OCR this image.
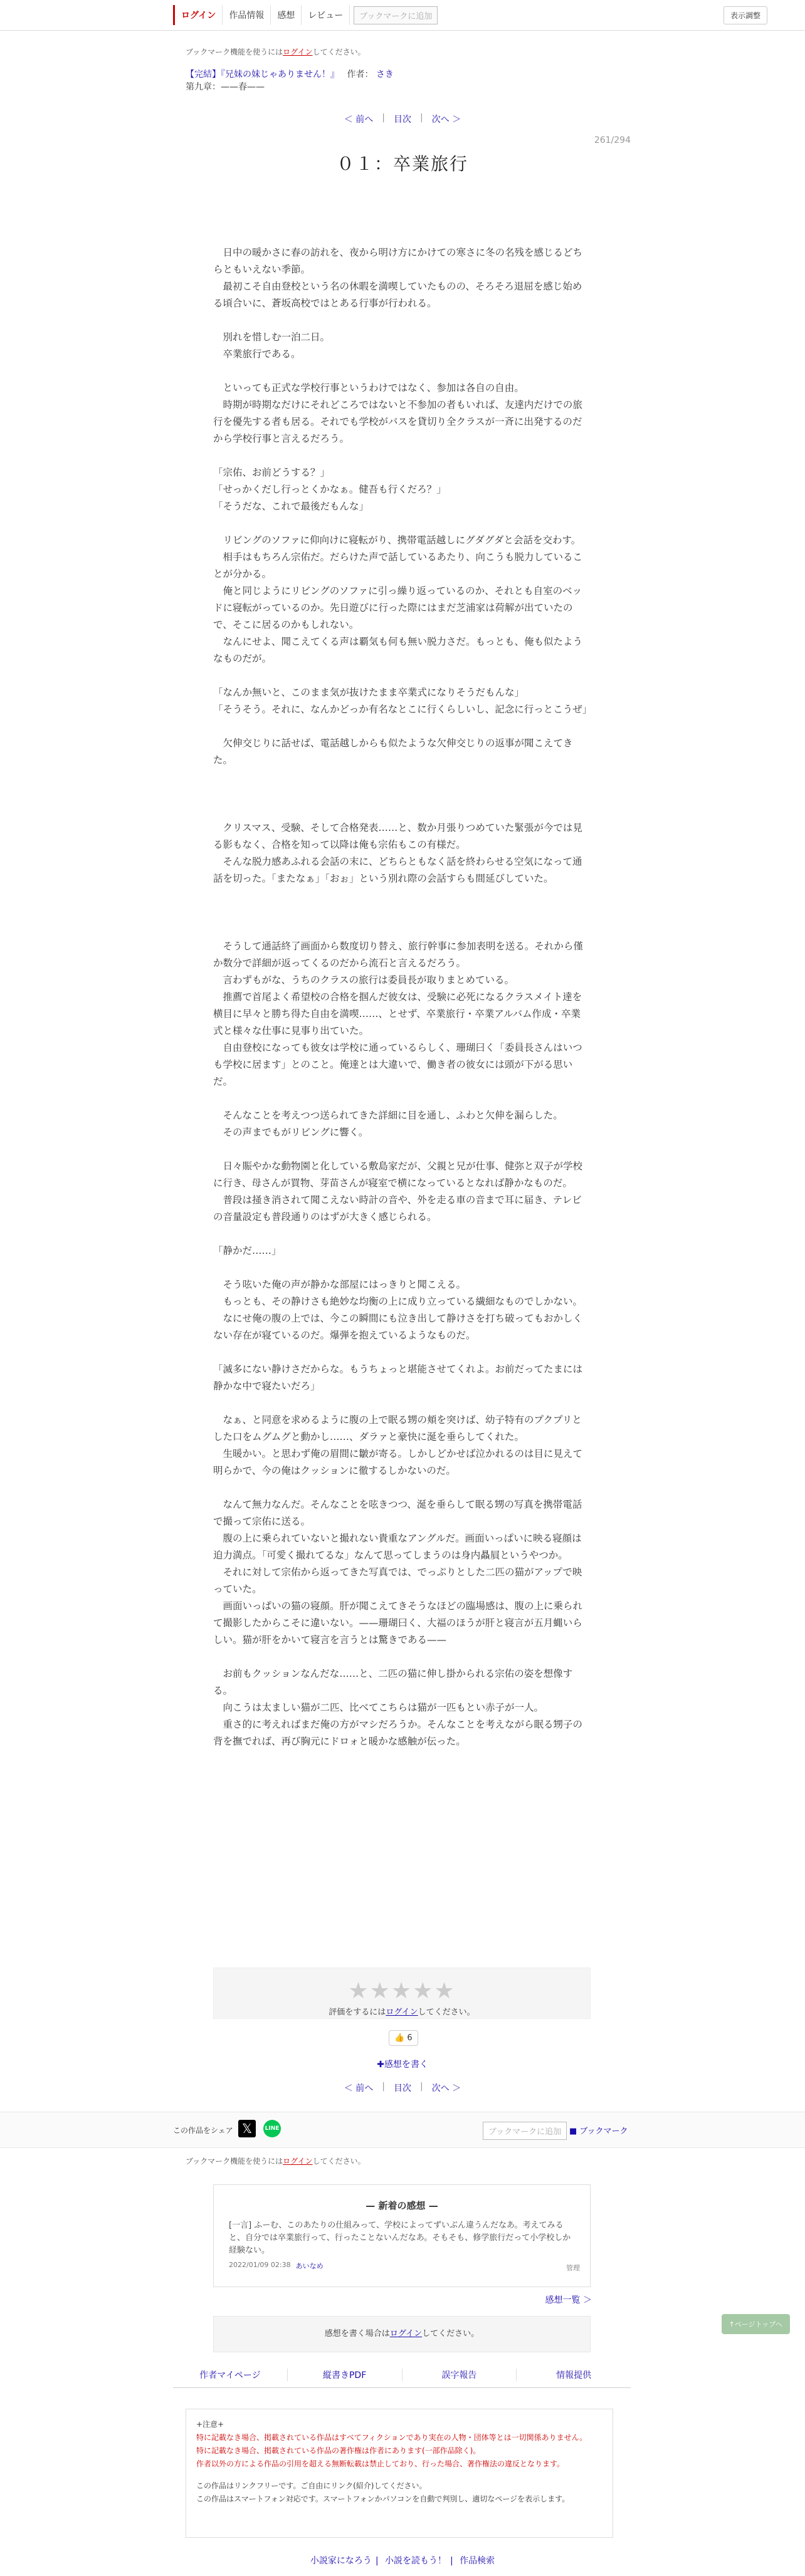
ログイン	作品情報	感想	レビュー	ブックマークに追加	表示調整
ブックマーク機能を使うにはログインしてください。
【完結】『兄妹の妹じゃありません！』 作者： さき
第九章：——春——
＜ 前へ | 目次 | 次へ ＞
261/294
０１：卒業旅行

　日中の暖かさに春の訪れを、夜から明け方にかけての寒さに冬の名残を感じるどちらともいえない季節。

　最初こそ自由登校という名の休暇を満喫していたものの、そろそろ退屈を感じ始める頃合いに、蒼坂高校ではとある行事が行われる。

　別れを惜しむ一泊二日。

　卒業旅行である。

　といっても正式な学校行事というわけではなく、参加は各自の自由。

　時期が時期なだけにそれどころではないと不参加の者もいれば、友達内だけでの旅行を優先する者も居る。それでも学校がバスを貸切り全クラスが一斉に出発するのだから学校行事と言えるだろう。

「宗佑、お前どうする？」

「せっかくだし行っとくかなぁ。健吾も行くだろ？」

「そうだな、これで最後だもんな」

　リビングのソファに仰向けに寝転がり、携帯電話越しにグダグダと会話を交わす。

　相手はもちろん宗佑だ。だらけた声で話しているあたり、向こうも脱力していることが分かる。

　俺と同じようにリビングのソファに引っ繰り返っているのか、それとも自室のベッドに寝転がっているのか。先日遊びに行った際にはまだ芝浦家は荷解が出ていたので、そこに居るのかもしれない。

　なんにせよ、聞こえてくる声は覇気も何も無い脱力さだ。もっとも、俺も似たようなものだが。

「なんか無いと、このまま気が抜けたまま卒業式になりそうだもんな」

「そうそう。それに、なんかどっか有名なとこに行くらしいし、記念に行っとこうぜ」

　欠伸交じりに話せば、電話越しからも似たような欠伸交じりの返事が聞こえてきた。

　クリスマス、受験、そして合格発表……と、数か月張りつめていた緊張が今では見る影もなく、合格を知って以降は俺も宗佑もこの有様だ。

　そんな脱力感あふれる会話の末に、どちらともなく話を終わらせる空気になって通話を切った。「またなぁ」「おぉ」という別れ際の会話すらも間延びしていた。

　そうして通話終了画面から数度切り替え、旅行幹事に参加表明を送る。それから僅か数分で詳細が返ってくるのだから流石と言えるだろう。

　言わずもがな、うちのクラスの旅行は委員長が取りまとめている。

　推薦で首尾よく希望校の合格を掴んだ彼女は、受験に必死になるクラスメイト達を横目に早々と勝ち得た自由を満喫……、とせず、卒業旅行・卒業アルバム作成・卒業式と様々な仕事に見事り出ていた。

　自由登校になっても彼女は学校に通っているらしく、珊瑚曰く「委員長さんはいつも学校に居ます」とのこと。俺達とは大違いで、働き者の彼女には頭が下がる思いだ。

　そんなことを考えつつ送られてきた詳細に目を通し、ふわと欠伸を漏らした。

　その声までもがリビングに響く。

　日々賑やかな動物園と化している敷島家だが、父親と兄が仕事、健弥と双子が学校に行き、母さんが買物、芽苗さんが寝室で横になっているとなれば静かなものだ。

　普段は掻き消されて聞こえない時計の音や、外を走る車の音まで耳に届き、テレビの音量設定も普段通りのはずが大きく感じられる。

「静かだ……」

　そう呟いた俺の声が静かな部屋にはっきりと聞こえる。

　もっとも、その静けさも絶妙な均衡の上に成り立っている繊細なものでしかない。

　なにせ俺の腹の上では、今この瞬間にも泣き出して静けさを打ち破ってもおかしくない存在が寝ているのだ。爆弾を抱えているようなものだ。

「滅多にない静けさだからな。もうちょっと堪能させてくれよ。お前だってたまには静かな中で寝たいだろ」

　なぁ、と同意を求めるように腹の上で眠る甥の頬を突けば、幼子特有のプクプリとした口をムグムグと動かし……、ダラァと豪快に涎を垂らしてくれた。

　生暖かい。と思わず俺の眉間に皺が寄る。しかしどかせば泣かれるのは目に見えて明らかで、今の俺はクッションに徹するしかないのだ。

　なんて無力なんだ。そんなことを呟きつつ、涎を垂らして眠る甥の写真を携帯電話で撮って宗佑に送る。

　腹の上に乗られていないと撮れない貴重なアングルだ。画面いっぱいに映る寝顔は迫力満点。「可愛く撮れてるな」なんて思ってしまうのは身内贔屓というやつか。

　それに対して宗佑から返ってきた写真では、でっぷりとした二匹の猫がアップで映っていた。

　画面いっぱいの猫の寝顔。肝が聞こえてきそうなほどの臨場感は、腹の上に乗られて撮影したからこそに違いない。——珊瑚曰く、大福のほうが肝と寝言が五月蝿いらしい。猫が肝をかいて寝言を言うとは驚きである——

　お前もクッションなんだな……と、二匹の猫に伸し掛かられる宗佑の姿を想像する。

　向こうは太ましい猫が二匹、比べてこちらは猫が一匹もとい赤子が一人。

　重さ的に考えればまだ俺の方がマシだろうか。そんなことを考えながら眠る甥子の背を撫でれば、再び胸元にドロォと暖かな感触が伝った。

★★★★★
評価をするにはログインしてください。
👍 6
✚感想を書く
＜ 前へ | 目次 | 次へ ＞
この作品をシェア 𝕏	LINE	ブックマークに追加 ■ ブックマーク
ブックマーク機能を使うにはログインしてください。
— 新着の感想 —
[一言] ふーむ、このあたりの仕組みって、学校によってずいぶん違うんだなあ。考えてみると、自分では卒業旅行って、行ったことないんだなあ。そもそも、修学旅行だって小学校しか経験ない。
2022/01/09 02:38 あいなめ	管理
感想一覧 ＞
感想を書く場合はログインしてください。
↑ページトップへ
作者マイページ	縦書きPDF	誤字報告	情報提供
+注意+
特に記載なき場合、掲載されている作品はすべてフィクションであり実在の人物・団体等とは一切関係ありません。
特に記載なき場合、掲載されている作品の著作権は作者にあります(一部作品除く)。
作者以外の方による作品の引用を超える無断転載は禁止しており、行った場合、著作権法の違反となります。
この作品はリンクフリーです。ご自由にリンク(紹介)してください。
この作品はスマートフォン対応です。スマートフォンかパソコンを自動で判別し、適切なページを表示します。
小説家になろう | 小説を読もう！ | 作品検索
